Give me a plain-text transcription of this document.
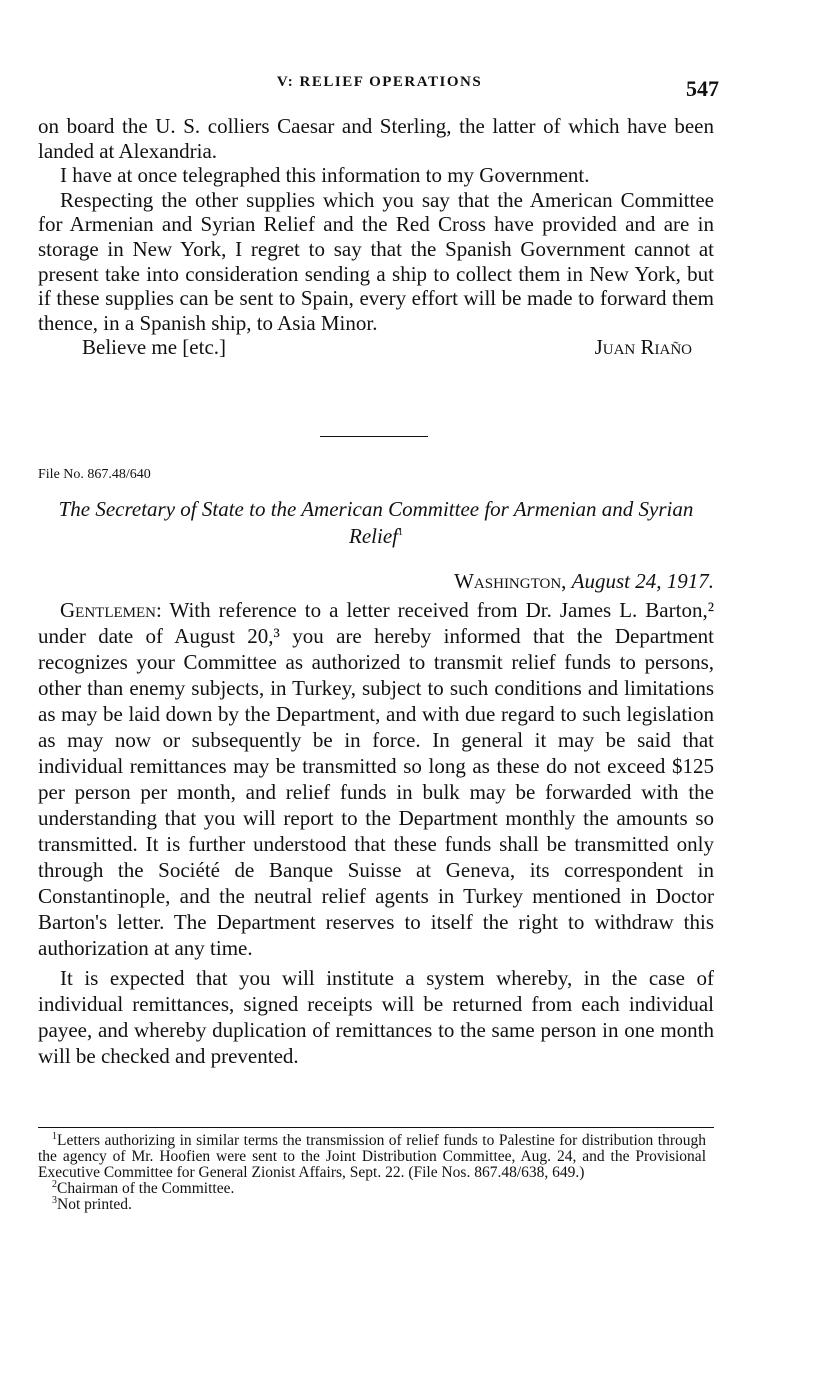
V: RELIEF OPERATIONS	547

on board the U. S. colliers Caesar and Sterling, the latter of which have been landed at Alexandria.

I have at once telegraphed this information to my Government.

Respecting the other supplies which you say that the American Committee for Armenian and Syrian Relief and the Red Cross have provided and are in storage in New York, I regret to say that the Spanish Government cannot at present take into consideration sending a ship to collect them in New York, but if these supplies can be sent to Spain, every effort will be made to forward them thence, in a Spanish ship, to Asia Minor.

Believe me [etc.]	Juan Riaño
File No. 867.48/640
The Secretary of State to the American Committee for Armenian and Syrian Relief$^1$
Washington, August 24, 1917.

Gentlemen: With reference to a letter received from Dr. James L. Barton,² under date of August 20,³ you are hereby informed that the Department recognizes your Committee as authorized to transmit relief funds to persons, other than enemy subjects, in Turkey, subject to such conditions and limitations as may be laid down by the Department, and with due regard to such legislation as may now or subsequently be in force. In general it may be said that individual remittances may be transmitted so long as these do not exceed $125 per person per month, and relief funds in bulk may be forwarded with the understanding that you will report to the Department monthly the amounts so transmitted. It is further understood that these funds shall be transmitted only through the Société de Banque Suisse at Geneva, its correspondent in Constantinople, and the neutral relief agents in Turkey mentioned in Doctor Barton's letter. The Department reserves to itself the right to withdraw this authorization at any time.

It is expected that you will institute a system whereby, in the case of individual remittances, signed receipts will be returned from each individual payee, and whereby duplication of remittances to the same person in one month will be checked and prevented.

$^1$Letters authorizing in similar terms the transmission of relief funds to Palestine for distribution through the agency of Mr. Hoofien were sent to the Joint Distribution Committee, Aug. 24, and the Provisional Executive Committee for General Zionist Affairs, Sept. 22. (File Nos. 867.48/638, 649.)

$^2$Chairman of the Committee.

$^3$Not printed.
